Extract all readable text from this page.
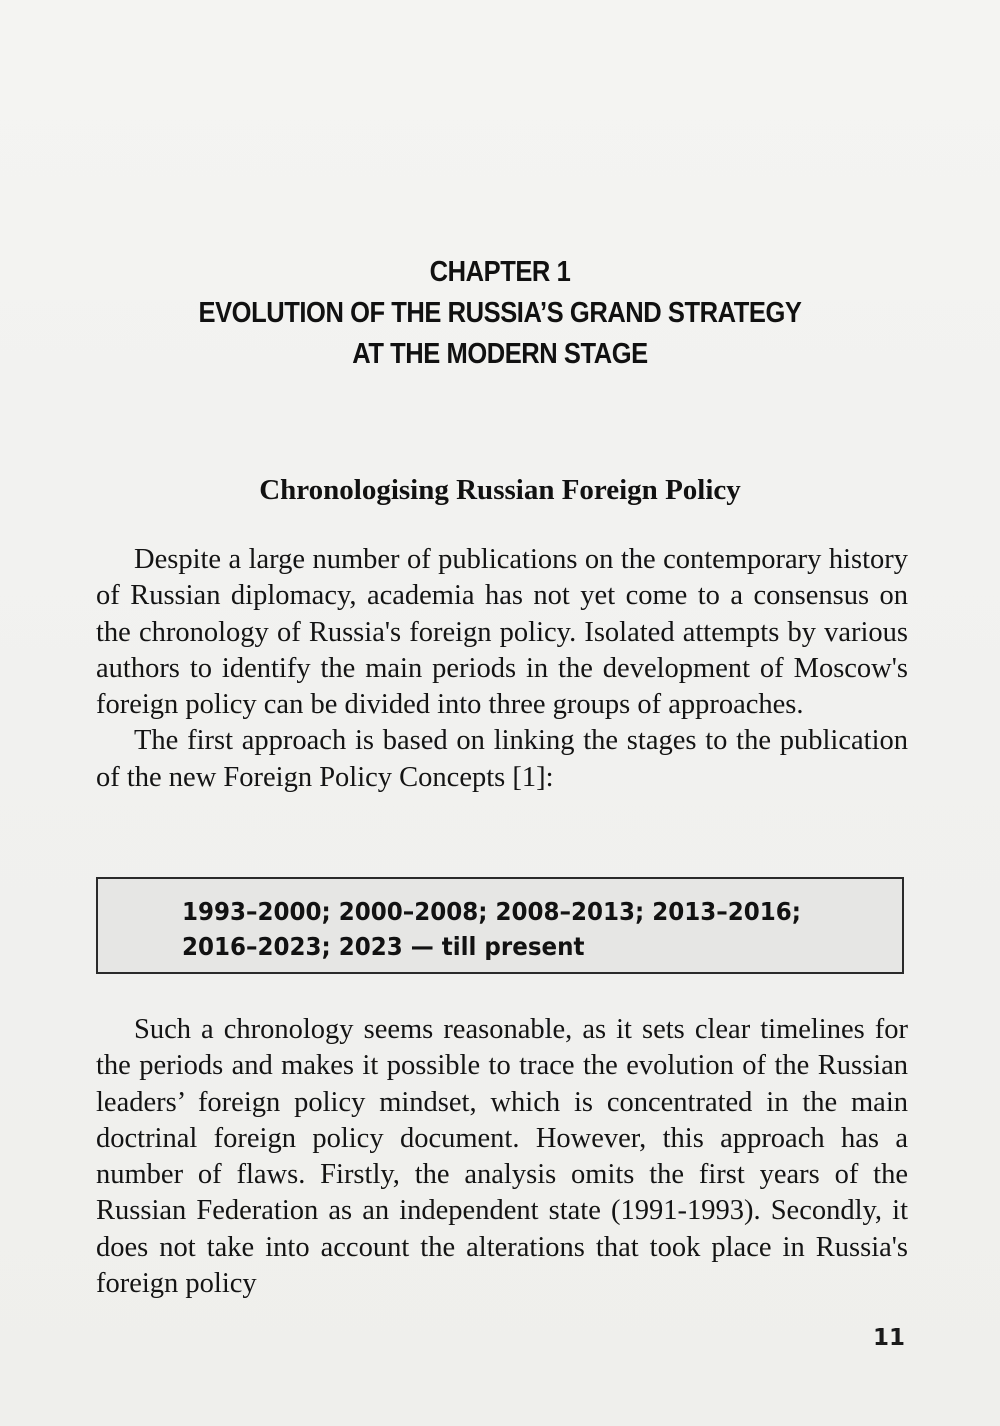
CHAPTER 1
EVOLUTION OF THE RUSSIA’S GRAND STRATEGY
AT THE MODERN STAGE
Chronologising Russian Foreign Policy

Despite a large number of publications on the contemporary history of Russian diplomacy, academia has not yet come to a consensus on the chronology of Russia's foreign policy. Isolated attempts by various authors to identify the main periods in the development of Moscow's foreign policy can be divided into three groups of approaches.

The first approach is based on linking the stages to the publication of the new Foreign Policy Concepts [1]:

1993–2000; 2000–2008; 2008–2013; 2013–2016;
2016–2023; 2023 — till present

Such a chronology seems reasonable, as it sets clear timelines for the periods and makes it possible to trace the evolution of the Russian leaders’ foreign policy mindset, which is concentrated in the main doctrinal foreign policy document. However, this approach has a number of flaws. Firstly, the analysis omits the first years of the Russian Federation as an independent state (1991-1993). Secondly, it does not take into account the alterations that took place in Russia's foreign policy

11
